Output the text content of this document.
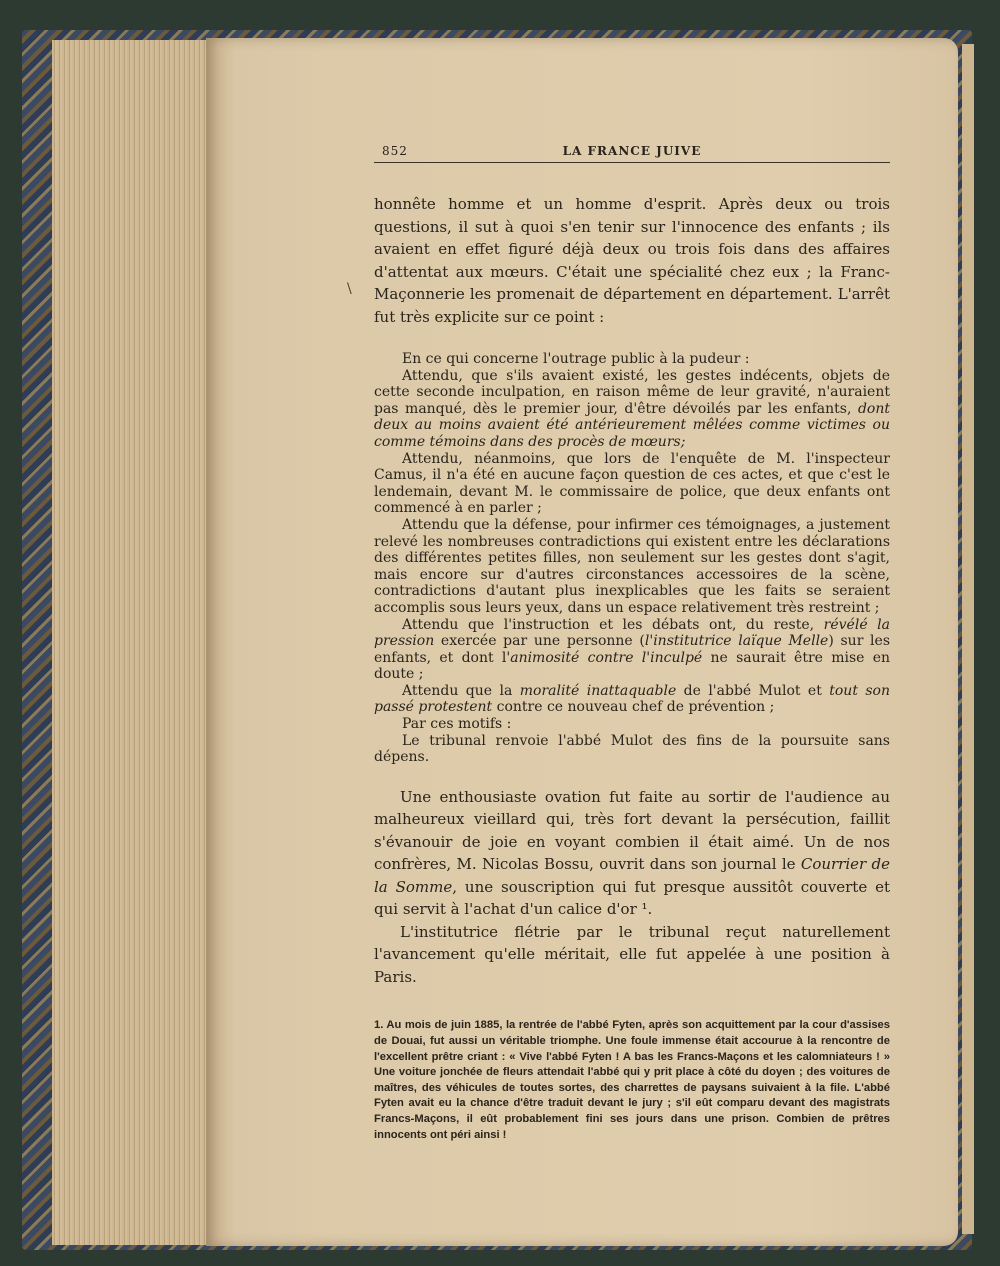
\
852	LA FRANCE JUIVE

honnête homme et un homme d'esprit. Après deux ou trois questions, il sut à quoi s'en tenir sur l'innocence des enfants ; ils avaient en effet figuré déjà deux ou trois fois dans des affaires d'attentat aux mœurs. C'était une spécialité chez eux ; la Franc-Maçonnerie les promenait de département en département. L'arrêt fut très explicite sur ce point :

En ce qui concerne l'outrage public à la pudeur :

Attendu, que s'ils avaient existé, les gestes indécents, objets de cette seconde inculpation, en raison même de leur gravité, n'auraient pas manqué, dès le premier jour, d'être dévoilés par les enfants, dont deux au moins avaient été antérieurement mêlées comme victimes ou comme témoins dans des procès de mœurs;

Attendu, néanmoins, que lors de l'enquête de M. l'inspecteur Camus, il n'a été en aucune façon question de ces actes, et que c'est le lendemain, devant M. le commissaire de police, que deux enfants ont commencé à en parler ;

Attendu que la défense, pour infirmer ces témoignages, a justement relevé les nombreuses contradictions qui existent entre les déclarations des différentes petites filles, non seulement sur les gestes dont s'agit, mais encore sur d'autres circonstances accessoires de la scène, contradictions d'autant plus inexplicables que les faits se seraient accomplis sous leurs yeux, dans un espace relativement très restreint ;

Attendu que l'instruction et les débats ont, du reste, révélé la pression exercée par une personne (l'institutrice laïque Melle) sur les enfants, et dont l'animosité contre l'inculpé ne saurait être mise en doute ;

Attendu que la moralité inattaquable de l'abbé Mulot et tout son passé protestent contre ce nouveau chef de prévention ;

Par ces motifs :

Le tribunal renvoie l'abbé Mulot des fins de la poursuite sans dépens.

Une enthousiaste ovation fut faite au sortir de l'audience au malheureux vieillard qui, très fort devant la persécution, faillit s'évanouir de joie en voyant combien il était aimé. Un de nos confrères, M. Nicolas Bossu, ouvrit dans son journal le Courrier de la Somme, une souscription qui fut presque aussitôt couverte et qui servit à l'achat d'un calice d'or ¹.

L'institutrice flétrie par le tribunal reçut naturellement l'avancement qu'elle méritait, elle fut appelée à une position à Paris.

1. Au mois de juin 1885, la rentrée de l'abbé Fyten, après son acquittement par la cour d'assises de Douai, fut aussi un véritable triomphe. Une foule immense était accourue à la rencontre de l'excellent prêtre criant : « Vive l'abbé Fyten ! A bas les Francs-Maçons et les calomniateurs ! » Une voiture jonchée de fleurs attendait l'abbé qui y prit place à côté du doyen ; des voitures de maîtres, des véhicules de toutes sortes, des charrettes de paysans suivaient à la file. L'abbé Fyten avait eu la chance d'être traduit devant le jury ; s'il eût comparu devant des magistrats Francs-Maçons, il eût probablement fini ses jours dans une prison. Combien de prêtres innocents ont péri ainsi !
